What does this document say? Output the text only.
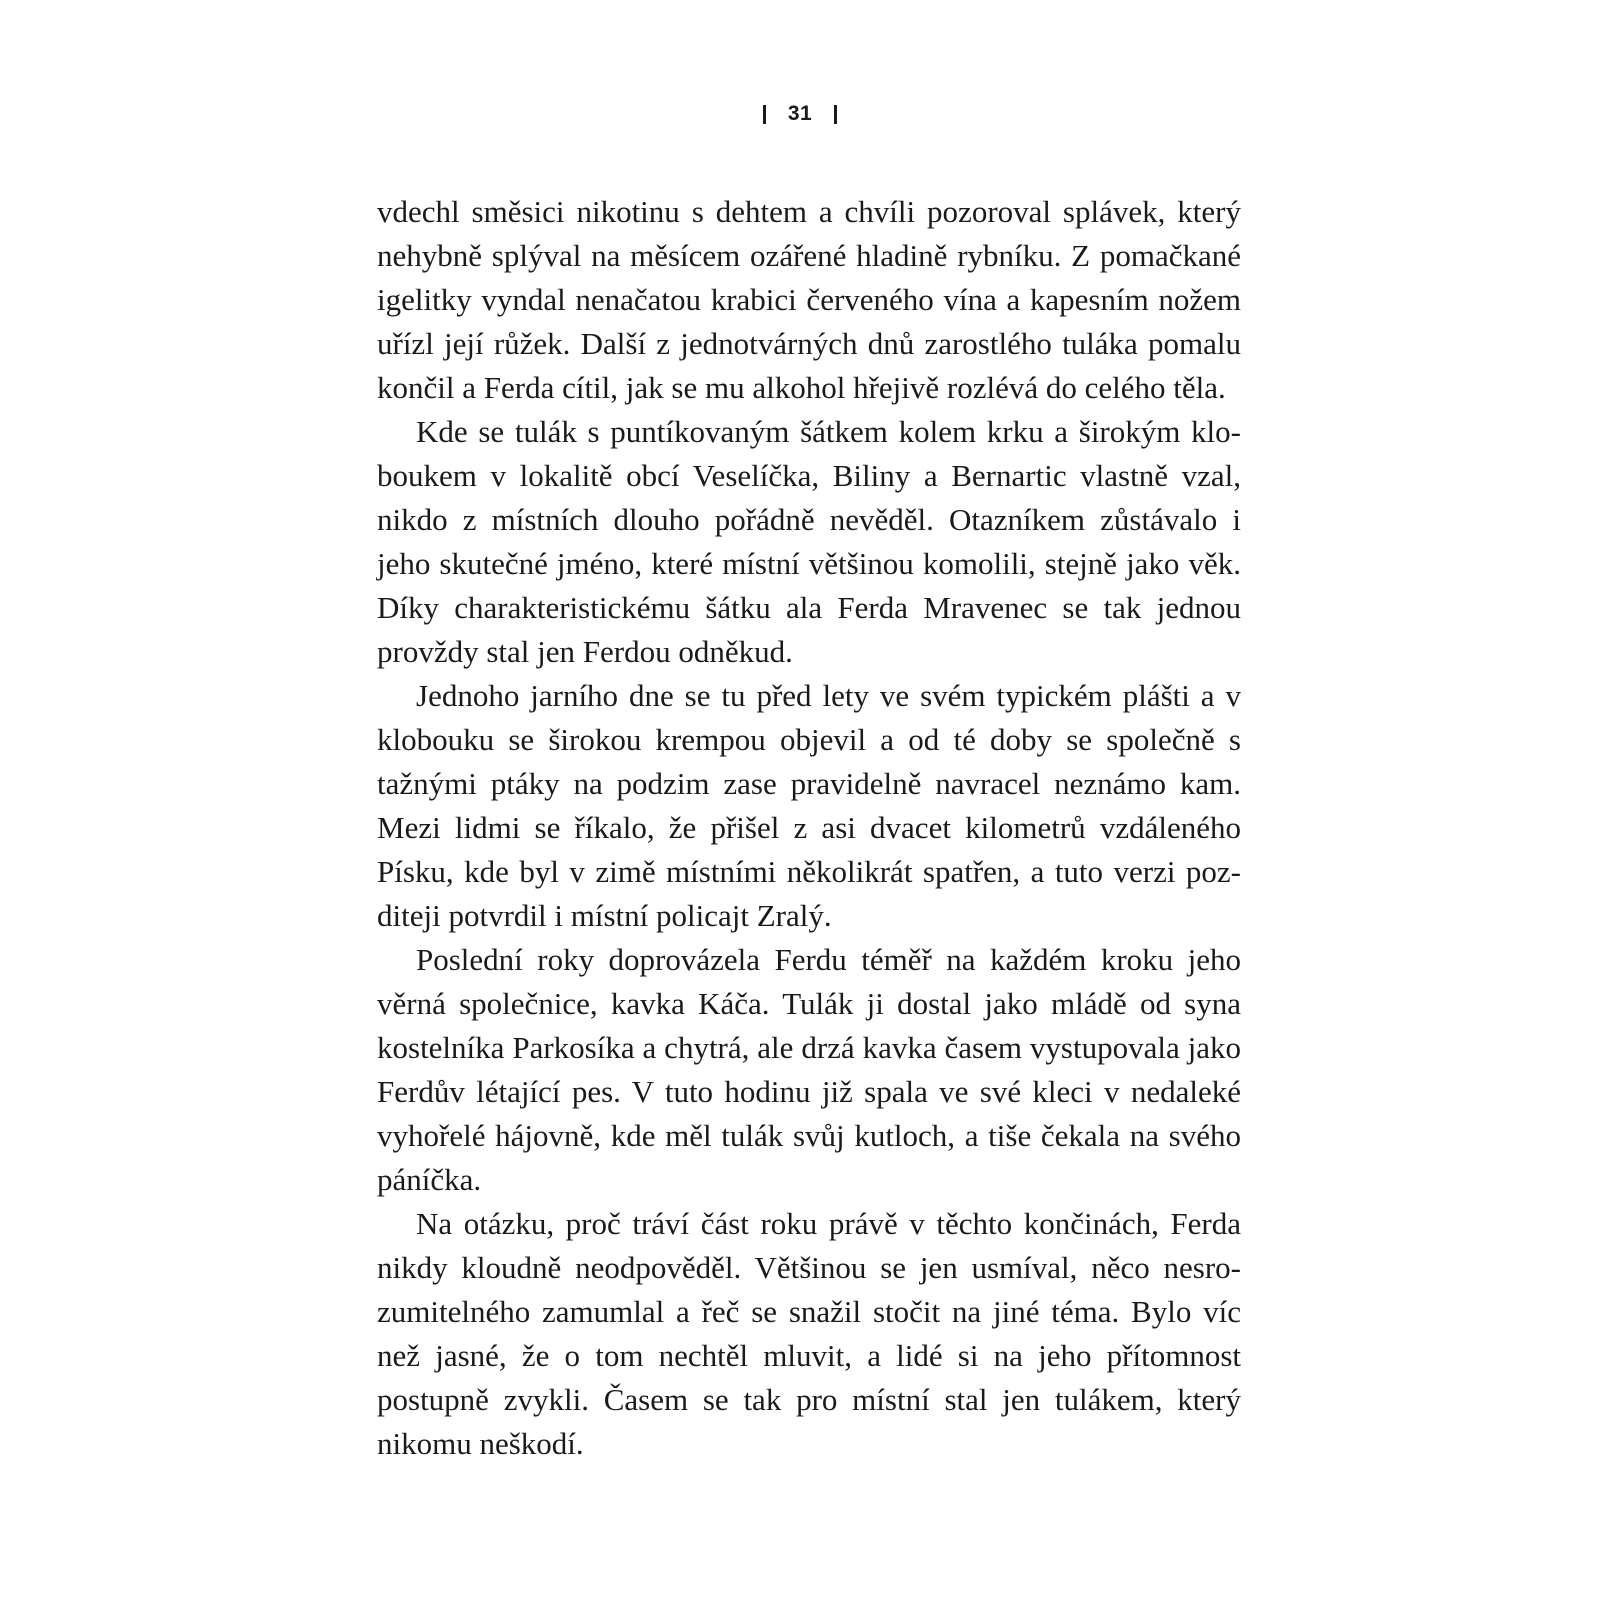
31

vdechl směsici nikotinu s dehtem a chvíli pozoroval splávek, který nehybně splýval na měsícem ozářené hladině rybníku. Z pomačkané igelitky vyndal nenačatou krabici červeného vína a kapesním nožem uřízl její růžek. Další z jednotvárných dnů zarostlého tuláka pomalu končil a Ferda cítil, jak se mu alkohol hřejivě rozlévá do celého těla.

Kde se tulák s puntíkovaným šátkem kolem krku a širokým kloboukem v lokalitě obcí Veselíčka, Biliny a Bernartic vlastně vzal, nikdo z místních dlouho pořádně nevěděl. Otazníkem zůstávalo i jeho skutečné jméno, které místní většinou komolili, stejně jako věk. Díky charakteristickému šátku ala Ferda Mravenec se tak jednou provždy stal jen Ferdou odněkud.

Jednoho jarního dne se tu před lety ve svém typickém plášti a v klobouku se širokou krempou objevil a od té doby se společně s tažnými ptáky na podzim zase pravidelně navracel neznámo kam. Mezi lidmi se říkalo, že přišel z asi dvacet kilometrů vzdáleného Písku, kde byl v zimě místními několikrát spatřen, a tuto verzi pozditeji potvrdil i místní policajt Zralý.

Poslední roky doprovázela Ferdu téměř na každém kroku jeho věrná společnice, kavka Káča. Tulák ji dostal jako mládě od syna kostelníka Parkosíka a chytrá, ale drzá kavka časem vystupovala jako Ferdův létající pes. V tuto hodinu již spala ve své kleci v nedaleké vyhořelé hájovně, kde měl tulák svůj kutloch, a tiše čekala na svého páníčka.

Na otázku, proč tráví část roku právě v těchto končinách, Ferda nikdy kloudně neodpověděl. Většinou se jen usmíval, něco nesrozumitelného zamumlal a řeč se snažil stočit na jiné téma. Bylo víc než jasné, že o tom nechtěl mluvit, a lidé si na jeho přítomnost postupně zvykli. Časem se tak pro místní stal jen tulákem, který nikomu neškodí.
